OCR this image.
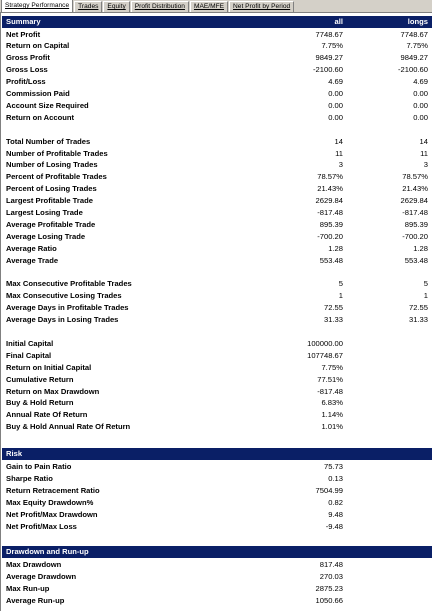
Strategy Performance	Trades	Equity	Profit Distribution	MAE/MFE	Net Profit by Period
Summary	all	longs
Net Profit	7748.67	7748.67
Return on Capital	7.75%	7.75%
Gross Profit	9849.27	9849.27
Gross Loss	-2100.60	-2100.60
Profit/Loss	4.69	4.69
Commission Paid	0.00	0.00
Account Size Required	0.00	0.00
Return on Account	0.00	0.00
Total Number of Trades	14	14
Number of Profitable Trades	11	11
Number of Losing Trades	3	3
Percent of Profitable Trades	78.57%	78.57%
Percent of Losing Trades	21.43%	21.43%
Largest Profitable Trade	2629.84	2629.84
Largest Losing Trade	-817.48	-817.48
Average Profitable Trade	895.39	895.39
Average Losing Trade	-700.20	-700.20
Average Ratio	1.28	1.28
Average Trade	553.48	553.48
Max Consecutive Profitable Trades	5	5
Max Consecutive Losing Trades	1	1
Average Days in Profitable Trades	72.55	72.55
Average Days in Losing Trades	31.33	31.33
Initial Capital	100000.00
Final Capital	107748.67
Return on Initial Capital	7.75%
Cumulative Return	77.51%
Return on Max Drawdown	-817.48
Buy & Hold Return	6.83%
Annual Rate Of Return	1.14%
Buy & Hold Annual Rate Of Return	1.01%
Risk
Gain to Pain Ratio	75.73
Sharpe Ratio	0.13
Return Retracement Ratio	7504.99
Max Equity Drawdown%	0.82
Net Profit/Max Drawdown	9.48
Net Profit/Max Loss	-9.48
Drawdown and Run-up
Max Drawdown	817.48
Average Drawdown	270.03
Max Run-up	2875.23
Average Run-up	1050.66
